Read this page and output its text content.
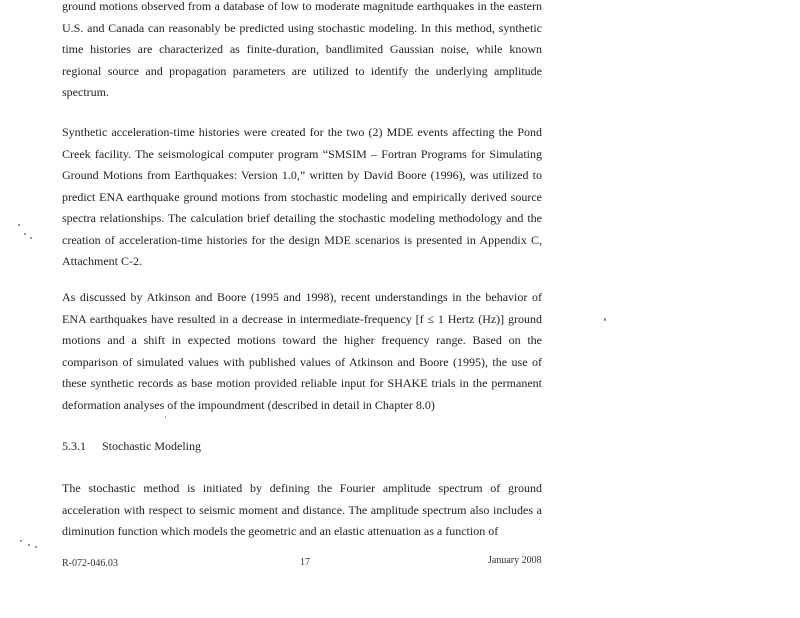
ground motions observed from a database of low to moderate magnitude earthquakes in the eastern U.S. and Canada can reasonably be predicted using stochastic modeling. In this method, synthetic time histories are characterized as finite-duration, bandlimited Gaussian noise, while known regional source and propagation parameters are utilized to identify the underlying amplitude spectrum.

Synthetic acceleration-time histories were created for the two (2) MDE events affecting the Pond Creek facility. The seismological computer program “SMSIM – Fortran Programs for Simulating Ground Motions from Earthquakes: Version 1.0,” written by David Boore (1996), was utilized to predict ENA earthquake ground motions from stochastic modeling and empirically derived source spectra relationships. The calculation brief detailing the stochastic modeling methodology and the creation of acceleration-time histories for the design MDE scenarios is presented in Appendix C, Attachment C-2.

As discussed by Atkinson and Boore (1995 and 1998), recent understandings in the behavior of ENA earthquakes have resulted in a decrease in intermediate-frequency [f ≤ 1 Hertz (Hz)] ground motions and a shift in expected motions toward the higher frequency range. Based on the comparison of simulated values with published values of Atkinson and Boore (1995), the use of these synthetic records as base motion provided reliable input for SHAKE trials in the permanent deformation analyses of the impoundment (described in detail in Chapter 8.0)

5.3.1 Stochastic Modeling

The stochastic method is initiated by defining the Fourier amplitude spectrum of ground acceleration with respect to seismic moment and distance. The amplitude spectrum also includes a diminution function which models the geometric and an elastic attenuation as a function of

R-072-046.03	17	January 2008
